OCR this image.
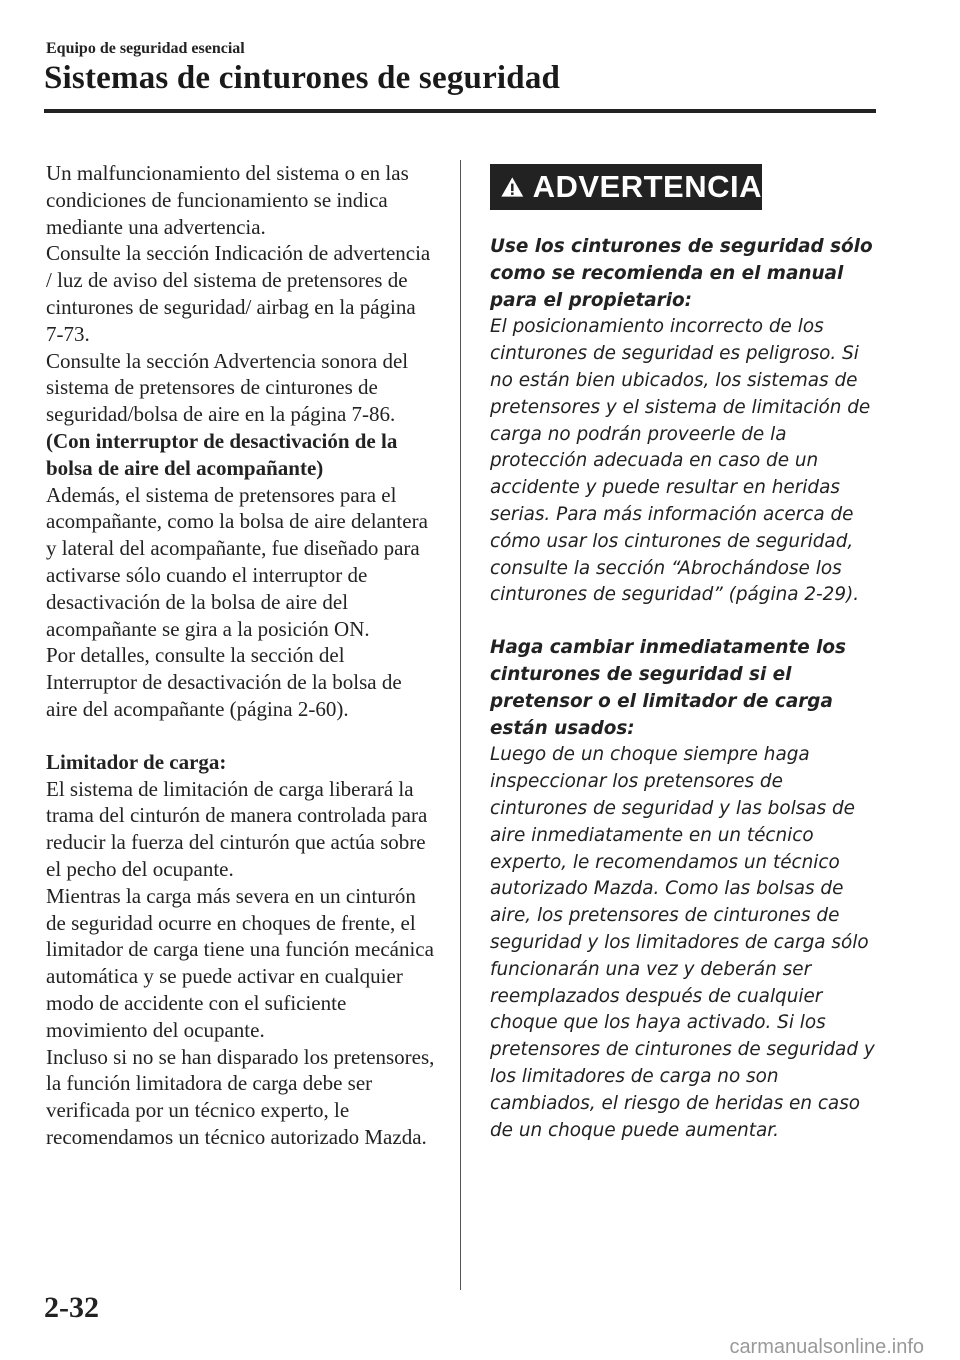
Equipo de seguridad esencial
Sistemas de cinturones de seguridad

Un malfuncionamiento del sistema o en las condiciones de funcionamiento se indica mediante una advertencia.

Consulte la sección Indicación de advertencia / luz de aviso del sistema de pretensores de cinturones de seguridad/ airbag en la página 7-73.

Consulte la sección Advertencia sonora del sistema de pretensores de cinturones de seguridad/bolsa de aire en la página 7-86.

(Con interruptor de desactivación de la bolsa de aire del acompañante)

Además, el sistema de pretensores para el acompañante, como la bolsa de aire delantera y lateral del acompañante, fue diseñado para activarse sólo cuando el interruptor de desactivación de la bolsa de aire del acompañante se gira a la posición ON.

Por detalles, consulte la sección del Interruptor de desactivación de la bolsa de aire del acompañante (página 2-60).

Limitador de carga:

El sistema de limitación de carga liberará la trama del cinturón de manera controlada para reducir la fuerza del cinturón que actúa sobre el pecho del ocupante.

Mientras la carga más severa en un cinturón de seguridad ocurre en choques de frente, el limitador de carga tiene una función mecánica automática y se puede activar en cualquier modo de accidente con el suficiente movimiento del ocupante.

Incluso si no se han disparado los pretensores, la función limitadora de carga debe ser verificada por un técnico experto, le recomendamos un técnico autorizado Mazda.

ADVERTENCIA

Use los cinturones de seguridad sólo como se recomienda en el manual para el propietario:

El posicionamiento incorrecto de los cinturones de seguridad es peligroso. Si no están bien ubicados, los sistemas de pretensores y el sistema de limitación de carga no podrán proveerle de la protección adecuada en caso de un accidente y puede resultar en heridas serias. Para más información acerca de cómo usar los cinturones de seguridad, consulte la sección “Abrochándose los cinturones de seguridad” (página 2-29).

Haga cambiar inmediatamente los cinturones de seguridad si el pretensor o el limitador de carga están usados:

Luego de un choque siempre haga inspeccionar los pretensores de cinturones de seguridad y las bolsas de aire inmediatamente en un técnico experto, le recomendamos un técnico autorizado Mazda. Como las bolsas de aire, los pretensores de cinturones de seguridad y los limitadores de carga sólo funcionarán una vez y deberán ser reemplazados después de cualquier choque que los haya activado. Si los pretensores de cinturones de seguridad y los limitadores de carga no son cambiados, el riesgo de heridas en caso de un choque puede aumentar.

2-32
carmanualsonline.info
